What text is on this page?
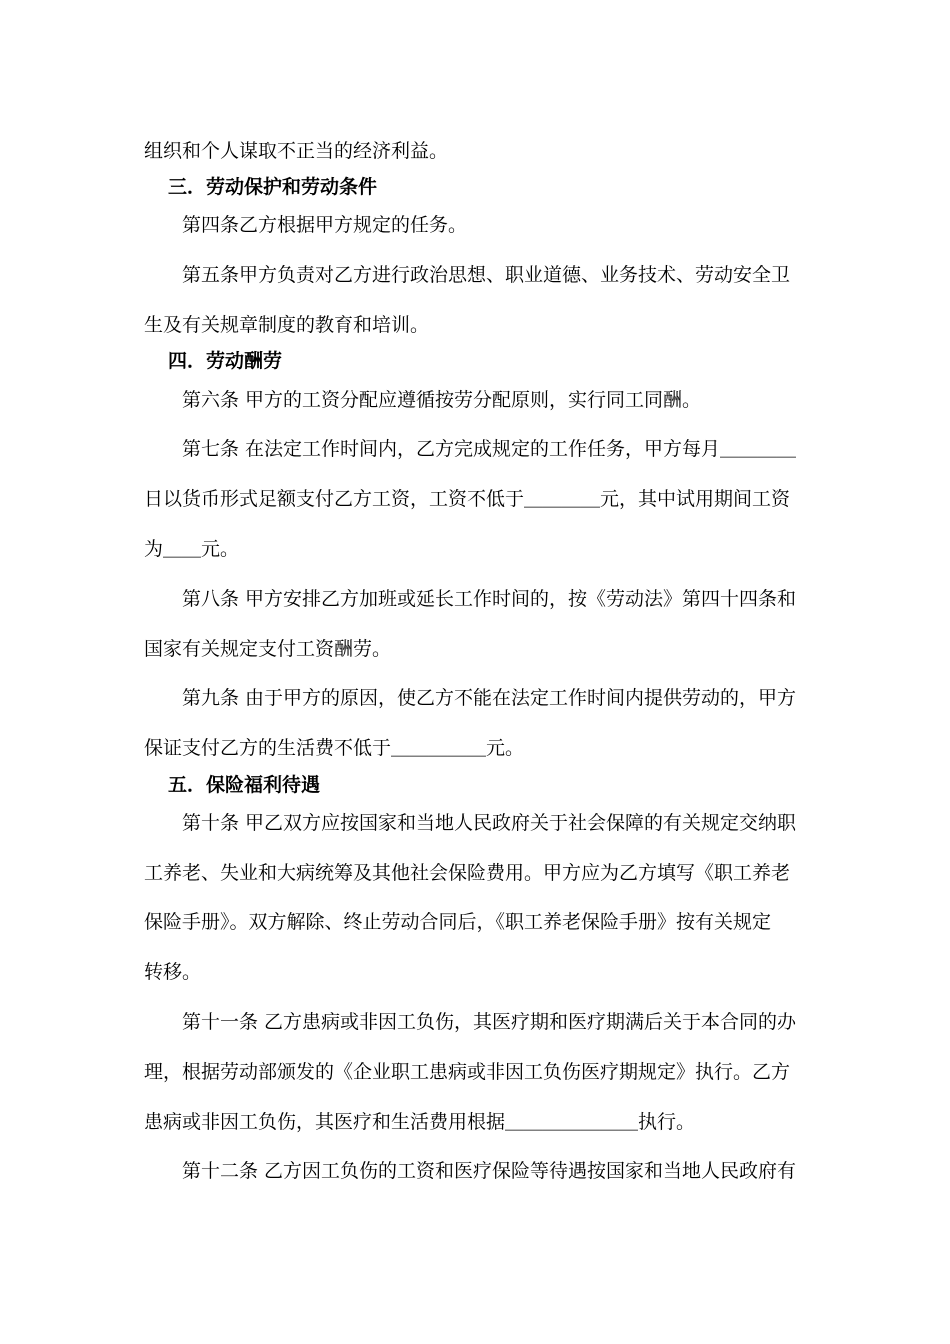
组织和个人谋取不正当的经济利益。
三．劳动保护和劳动条件
第四条乙方根据甲方规定的任务。
第五条甲方负责对乙方进行政治思想、职业道德、业务技术、劳动安全卫
生及有关规章制度的教育和培训。
四．劳动酬劳
第六条 甲方的工资分配应遵循按劳分配原则，实行同工同酬。
第七条 在法定工作时间内，乙方完成规定的工作任务，甲方每月＿＿＿＿
日以货币形式足额支付乙方工资，工资不低于＿＿＿＿元，其中试用期间工资
为＿＿元。
第八条 甲方安排乙方加班或延长工作时间的，按《劳动法》第四十四条和
国家有关规定支付工资酬劳。
第九条 由于甲方的原因，使乙方不能在法定工作时间内提供劳动的，甲方
保证支付乙方的生活费不低于＿＿＿＿＿元。
五．保险福利待遇
第十条 甲乙双方应按国家和当地人民政府关于社会保障的有关规定交纳职
工养老、失业和大病统筹及其他社会保险费用。甲方应为乙方填写《职工养老
保险手册》。双方解除、终止劳动合同后，《职工养老保险手册》按有关规定
转移。
第十一条 乙方患病或非因工负伤，其医疗期和医疗期满后关于本合同的办
理，根据劳动部颁发的《企业职工患病或非因工负伤医疗期规定》执行。乙方
患病或非因工负伤，其医疗和生活费用根据＿＿＿＿＿＿＿执行。
第十二条 乙方因工负伤的工资和医疗保险等待遇按国家和当地人民政府有
